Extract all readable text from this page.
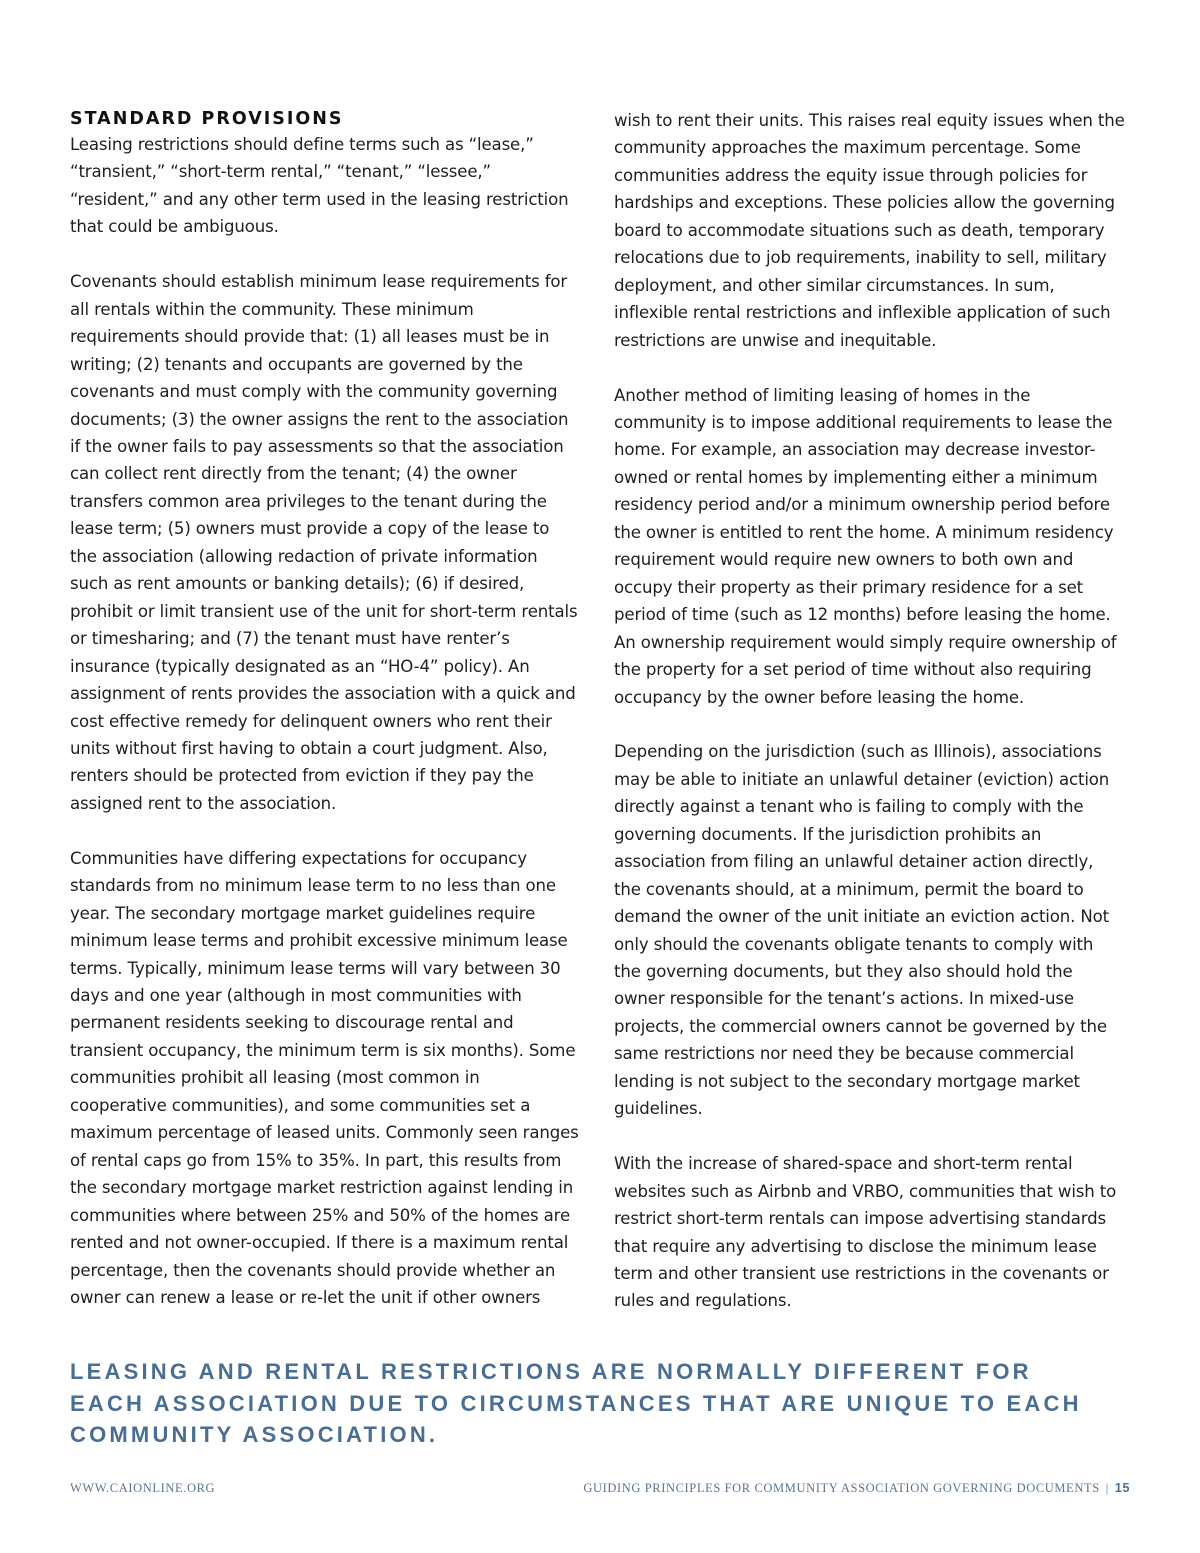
STANDARD PROVISIONS

Leasing restrictions should define terms such as “lease,”
“transient,” “short-term rental,” “tenant,” “lessee,”
“resident,” and any other term used in the leasing restriction
that could be ambiguous.

Covenants should establish minimum lease requirements for
all rentals within the community. These minimum
requirements should provide that: (1) all leases must be in
writing; (2) tenants and occupants are governed by the
covenants and must comply with the community governing
documents; (3) the owner assigns the rent to the association
if the owner fails to pay assessments so that the association
can collect rent directly from the tenant; (4) the owner
transfers common area privileges to the tenant during the
lease term; (5) owners must provide a copy of the lease to
the association (allowing redaction of private information
such as rent amounts or banking details); (6) if desired,
prohibit or limit transient use of the unit for short-term rentals
or timesharing; and (7) the tenant must have renter’s
insurance (typically designated as an “HO-4” policy). An
assignment of rents provides the association with a quick and
cost effective remedy for delinquent owners who rent their
units without first having to obtain a court judgment. Also,
renters should be protected from eviction if they pay the
assigned rent to the association.

Communities have differing expectations for occupancy
standards from no minimum lease term to no less than one
year. The secondary mortgage market guidelines require
minimum lease terms and prohibit excessive minimum lease
terms. Typically, minimum lease terms will vary between 30
days and one year (although in most communities with
permanent residents seeking to discourage rental and
transient occupancy, the minimum term is six months). Some
communities prohibit all leasing (most common in
cooperative communities), and some communities set a
maximum percentage of leased units. Commonly seen ranges
of rental caps go from 15% to 35%. In part, this results from
the secondary mortgage market restriction against lending in
communities where between 25% and 50% of the homes are
rented and not owner-occupied. If there is a maximum rental
percentage, then the covenants should provide whether an
owner can renew a lease or re-let the unit if other owners

wish to rent their units. This raises real equity issues when the
community approaches the maximum percentage. Some
communities address the equity issue through policies for
hardships and exceptions. These policies allow the governing
board to accommodate situations such as death, temporary
relocations due to job requirements, inability to sell, military
deployment, and other similar circumstances. In sum,
inflexible rental restrictions and inflexible application of such
restrictions are unwise and inequitable.

Another method of limiting leasing of homes in the
community is to impose additional requirements to lease the
home. For example, an association may decrease investor-
owned or rental homes by implementing either a minimum
residency period and/or a minimum ownership period before
the owner is entitled to rent the home. A minimum residency
requirement would require new owners to both own and
occupy their property as their primary residence for a set
period of time (such as 12 months) before leasing the home.
An ownership requirement would simply require ownership of
the property for a set period of time without also requiring
occupancy by the owner before leasing the home.

Depending on the jurisdiction (such as Illinois), associations
may be able to initiate an unlawful detainer (eviction) action
directly against a tenant who is failing to comply with the
governing documents. If the jurisdiction prohibits an
association from filing an unlawful detainer action directly,
the covenants should, at a minimum, permit the board to
demand the owner of the unit initiate an eviction action. Not
only should the covenants obligate tenants to comply with
the governing documents, but they also should hold the
owner responsible for the tenant’s actions. In mixed-use
projects, the commercial owners cannot be governed by the
same restrictions nor need they be because commercial
lending is not subject to the secondary mortgage market
guidelines.

With the increase of shared-space and short-term rental
websites such as Airbnb and VRBO, communities that wish to
restrict short-term rentals can impose advertising standards
that require any advertising to disclose the minimum lease
term and other transient use restrictions in the covenants or
rules and regulations.

LEASING AND RENTAL RESTRICTIONS ARE NORMALLY DIFFERENT FOR
EACH ASSOCIATION DUE TO CIRCUMSTANCES THAT ARE UNIQUE TO EACH
COMMUNITY ASSOCIATION.
WWW.CAIONLINE.ORG	GUIDING PRINCIPLES FOR COMMUNITY ASSOCIATION GOVERNING DOCUMENTS | 15
